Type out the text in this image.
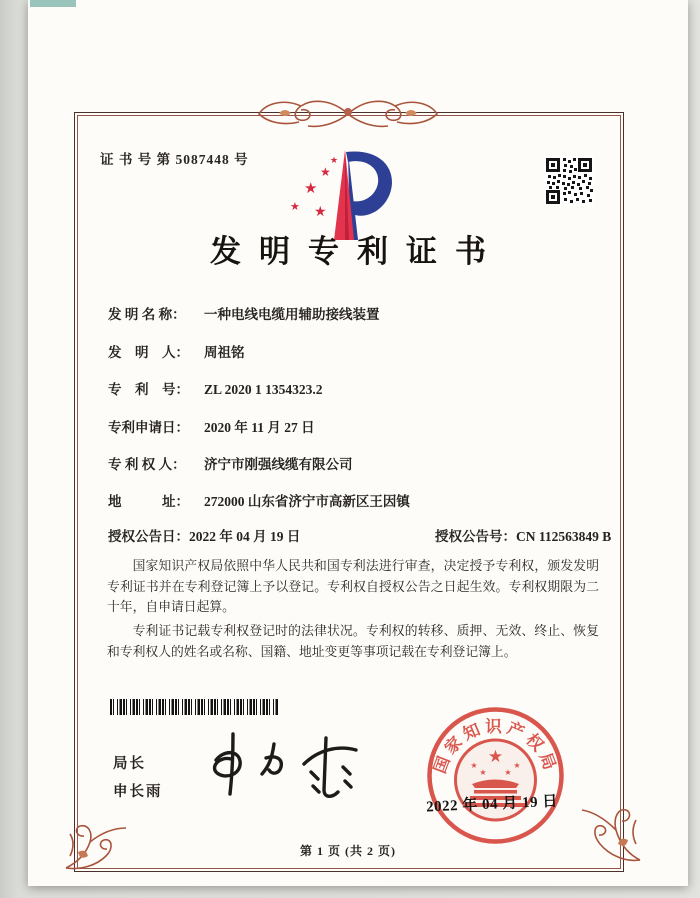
证 书 号 第 5087448 号
★
★
★ ★
★
发明专利证书
发 明 名 称： 一种电线电缆用辅助接线装置
发　明　人： 周祖铭
专　利　号： ZL 2020 1 1354323.2
专利申请日： 2020 年 11 月 27 日
专 利 权 人： 济宁市刚强线缆有限公司
地　　　址： 272000 山东省济宁市高新区王因镇
授权公告日：2022 年 04 月 19 日	授权公告号：CN 112563849 B

国家知识产权局依照中华人民共和国专利法进行审查，决定授予专利权，颁发发明专利证书并在专利登记簿上予以登记。专利权自授权公告之日起生效。专利权期限为二十年，自申请日起算。

专利证书记载专利权登记时的法律状况。专利权的转移、质押、无效、终止、恢复和专利权人的姓名或名称、国籍、地址变更等事项记载在专利登记簿上。

局长
申长雨
国家知识产权局
★
★
★ ★
★
2022 年 04 月 19 日
第 1 页 (共 2 页)
